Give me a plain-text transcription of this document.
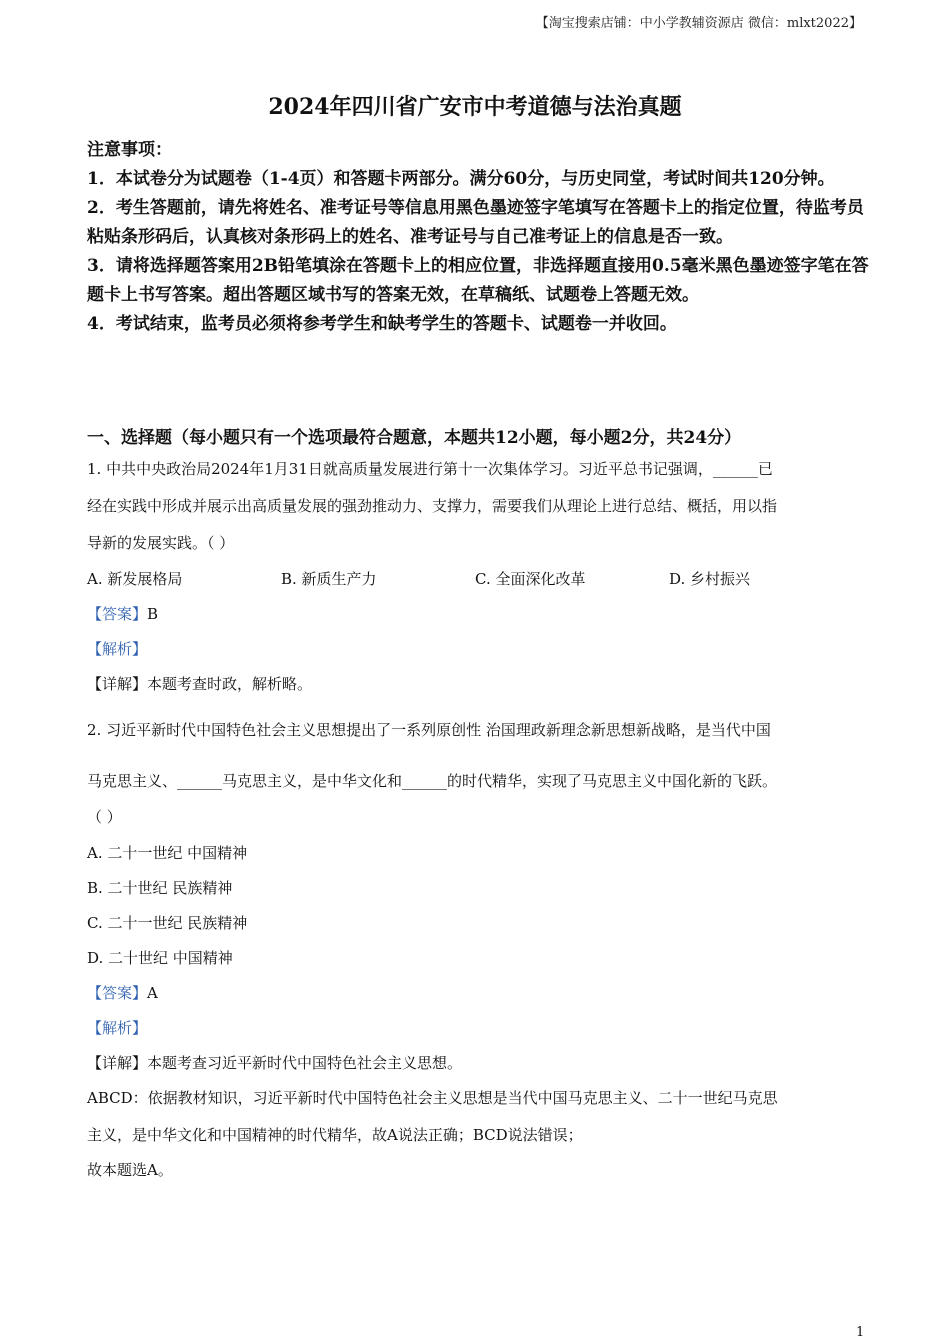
【淘宝搜索店铺：中小学教辅资源店 微信：mlxt2022】
2024年四川省广安市中考道德与法治真题

注意事项：

1．本试卷分为试题卷（1-4页）和答题卡两部分。满分60分，与历史同堂，考试时间共120分钟。

2．考生答题前，请先将姓名、准考证号等信息用黑色墨迹签字笔填写在答题卡上的指定位置，待监考员粘贴条形码后，认真核对条形码上的姓名、准考证号与自己准考证上的信息是否一致。

3．请将选择题答案用2B铅笔填涂在答题卡上的相应位置，非选择题直接用0.5毫米黑色墨迹签字笔在答题卡上书写答案。超出答题区域书写的答案无效，在草稿纸、试题卷上答题无效。

4．考试结束，监考员必须将参考学生和缺考学生的答题卡、试题卷一并收回。

一、选择题（每小题只有一个选项最符合题意，本题共12小题，每小题2分，共24分）
1. 中共中央政治局2024年1月31日就高质量发展进行第十一次集体学习。习近平总书记强调，______已
经在实践中形成并展示出高质量发展的强劲推动力、支撑力，需要我们从理论上进行总结、概括，用以指
导新的发展实践。（ ）
A. 新发展格局	B. 新质生产力	C. 全面深化改革	D. 乡村振兴
【答案】B
【解析】
【详解】本题考查时政，解析略。
2. 习近平新时代中国特色社会主义思想提出了一系列原创性 治国理政新理念新思想新战略，是当代中国
马克思主义、______马克思主义，是中华文化和______的时代精华，实现了马克思主义中国化新的飞跃。
（ ）
A. 二十一世纪 中国精神
B. 二十世纪 民族精神
C. 二十一世纪 民族精神
D. 二十世纪 中国精神
【答案】A
【解析】
【详解】本题考查习近平新时代中国特色社会主义思想。
ABCD：依据教材知识，习近平新时代中国特色社会主义思想是当代中国马克思主义、二十一世纪马克思
主义，是中华文化和中国精神的时代精华，故A说法正确；BCD说法错误；
故本题选A。
1
